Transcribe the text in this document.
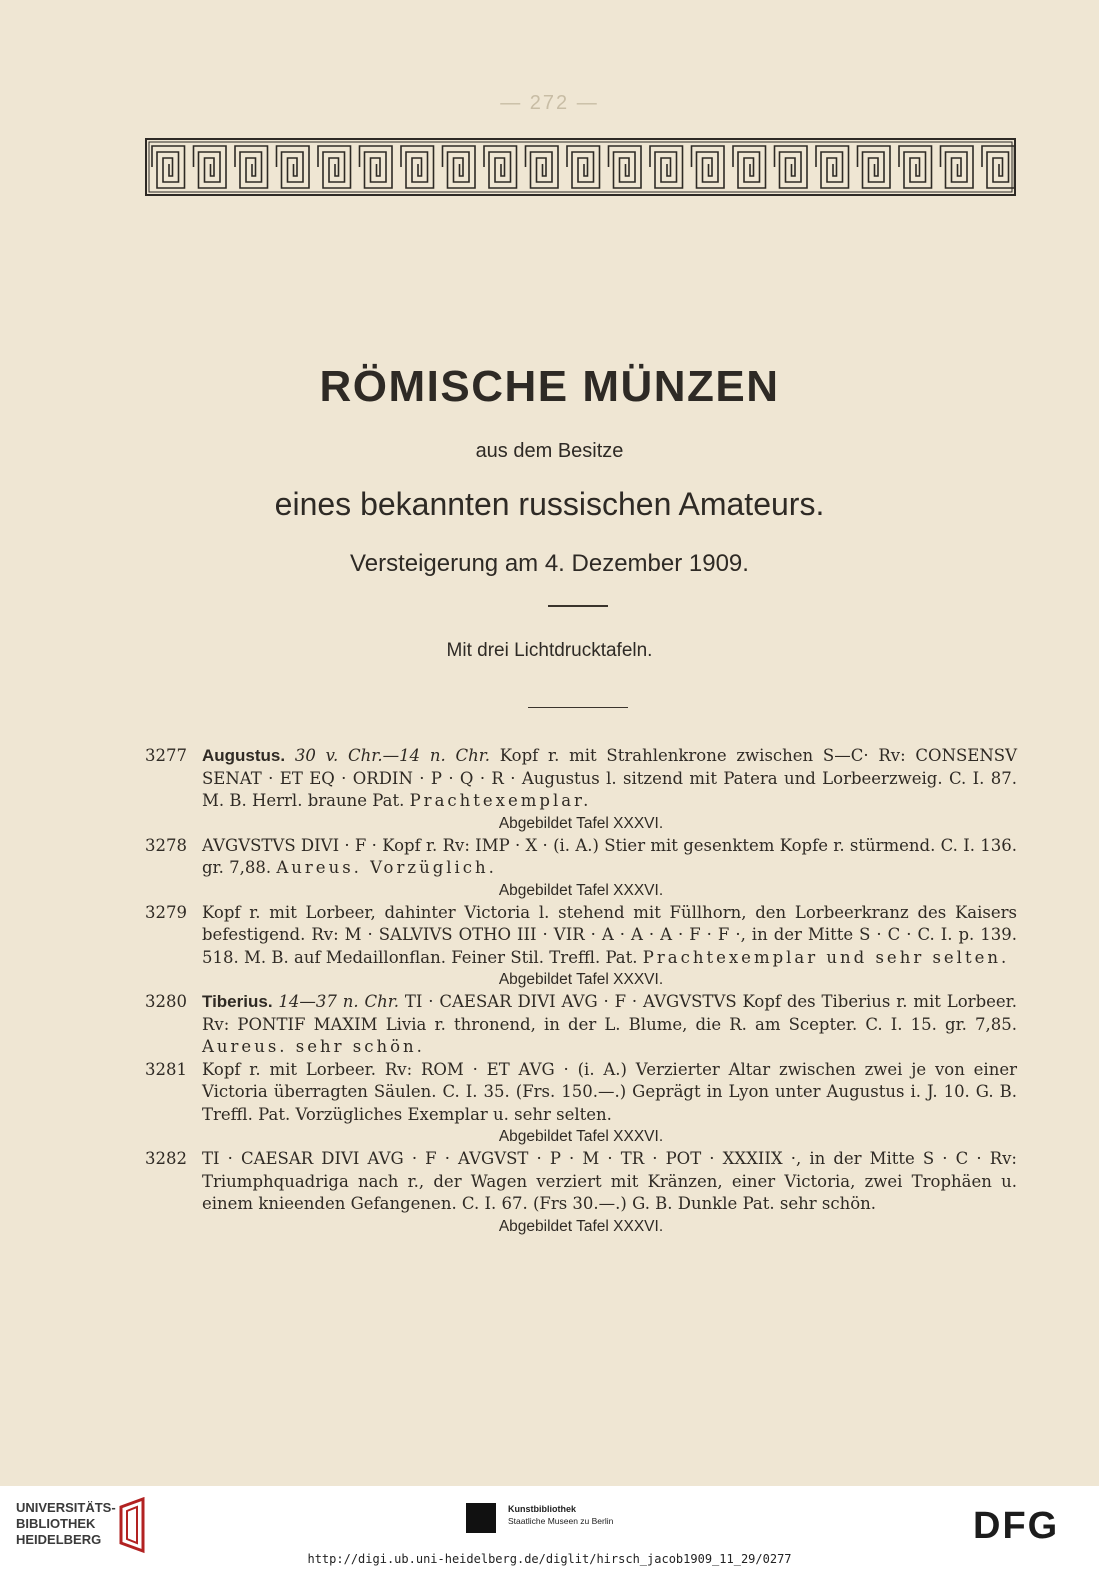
— 272 —
RÖMISCHE MÜNZEN
aus dem Besitze
eines bekannten russischen Amateurs.
Versteigerung am 4. Dezember 1909.
Mit drei Lichtdrucktafeln.
3277 Augustus. 30 v. Chr.—14 n. Chr. Kopf r. mit Strahlenkrone zwischen S—C· Rv: CONSENSV SENAT · ET EQ · ORDIN · P · Q · R · Augustus l. sitzend mit Patera und Lorbeerzweig. C. I. 87. M. B. Herrl. braune Pat. Prachtexemplar.
Abgebildet Tafel XXXVI.
3278 AVGVSTVS DIVI · F · Kopf r. Rv: IMP · X · (i. A.) Stier mit gesenktem Kopfe r. stürmend. C. I. 136. gr. 7,88. Aureus. Vorzüglich.
Abgebildet Tafel XXXVI.
3279 Kopf r. mit Lorbeer, dahinter Victoria l. stehend mit Füllhorn, den Lorbeerkranz des Kaisers befestigend. Rv: M · SALVIVS OTHO III · VIR · A · A · A · F · F ·, in der Mitte S · C · C. I. p. 139. 518. M. B. auf Medaillonflan. Feiner Stil. Treffl. Pat. Prachtexemplar und sehr selten.
Abgebildet Tafel XXXVI.
3280 Tiberius. 14—37 n. Chr. TI · CAESAR DIVI AVG · F · AVGVSTVS Kopf des Tiberius r. mit Lorbeer. Rv: PONTIF MAXIM Livia r. thronend, in der L. Blume, die R. am Scepter. C. I. 15. gr. 7,85. Aureus. sehr schön.
3281 Kopf r. mit Lorbeer. Rv: ROM · ET AVG · (i. A.) Verzierter Altar zwischen zwei je von einer Victoria überragten Säulen. C. I. 35. (Frs. 150.—.) Geprägt in Lyon unter Augustus i. J. 10. G. B. Treffl. Pat. Vorzügliches Exemplar u. sehr selten.
Abgebildet Tafel XXXVI.
3282 TI · CAESAR DIVI AVG · F · AVGVST · P · M · TR · POT · XXXIIX ·, in der Mitte S · C · Rv: Triumphquadriga nach r., der Wagen verziert mit Kränzen, einer Victoria, zwei Trophäen u. einem knieenden Gefangenen. C. I. 67. (Frs 30.—.) G. B. Dunkle Pat. sehr schön.
Abgebildet Tafel XXXVI.
UNIVERSITÄTS-
BIBLIOTHEK
HEIDELBERG
Kunstbibliothek
Staatliche Museen zu Berlin	DFG
http://digi.ub.uni-heidelberg.de/diglit/hirsch_jacob1909_11_29/0277
